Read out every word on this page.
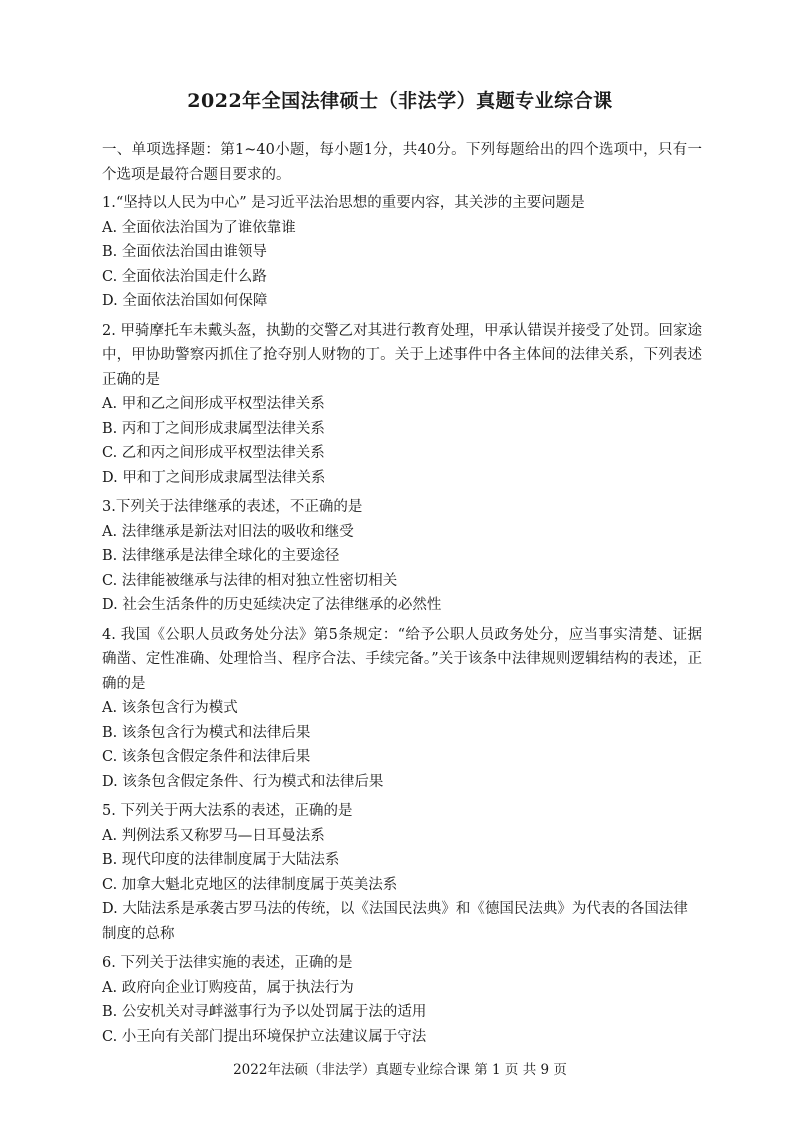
2022年全国法律硕士（非法学）真题专业综合课
一、单项选择题：第1~40小题，每小题1分，共40分。下列每题给出的四个选项中，只有一个选项是最符合题目要求的。
1.“坚持以人民为中心” 是习近平法治思想的重要内容，其关涉的主要问题是
A. 全面依法治国为了谁依靠谁
B. 全面依法治国由谁领导
C. 全面依法治国走什么路
D. 全面依法治国如何保障
2. 甲骑摩托车未戴头盔，执勤的交警乙对其进行教育处理，甲承认错误并接受了处罚。回家途中，甲协助警察丙抓住了抢夺别人财物的丁。关于上述事件中各主体间的法律关系，下列表述正确的是
A. 甲和乙之间形成平权型法律关系
B. 丙和丁之间形成隶属型法律关系
C. 乙和丙之间形成平权型法律关系
D. 甲和丁之间形成隶属型法律关系
3.下列关于法律继承的表述，不正确的是
A. 法律继承是新法对旧法的吸收和继受
B. 法律继承是法律全球化的主要途径
C. 法律能被继承与法律的相对独立性密切相关
D. 社会生活条件的历史延续决定了法律继承的必然性
4. 我国《公职人员政务处分法》第5条规定：“给予公职人员政务处分，应当事实清楚、证据确凿、定性准确、处理恰当、程序合法、手续完备。”关于该条中法律规则逻辑结构的表述，正确的是
A. 该条包含行为模式
B. 该条包含行为模式和法律后果
C. 该条包含假定条件和法律后果
D. 该条包含假定条件、行为模式和法律后果
5. 下列关于两大法系的表述，正确的是
A. 判例法系又称罗马—日耳曼法系
B. 现代印度的法律制度属于大陆法系
C. 加拿大魁北克地区的法律制度属于英美法系
D. 大陆法系是承袭古罗马法的传统，以《法国民法典》和《德国民法典》为代表的各国法律制度的总称
6. 下列关于法律实施的表述，正确的是
A. 政府向企业订购疫苗，属于执法行为
B. 公安机关对寻衅滋事行为予以处罚属于法的适用
C. 小王向有关部门提出环境保护立法建议属于守法
2022年法硕（非法学）真题专业综合课 第 1 页 共 9 页
